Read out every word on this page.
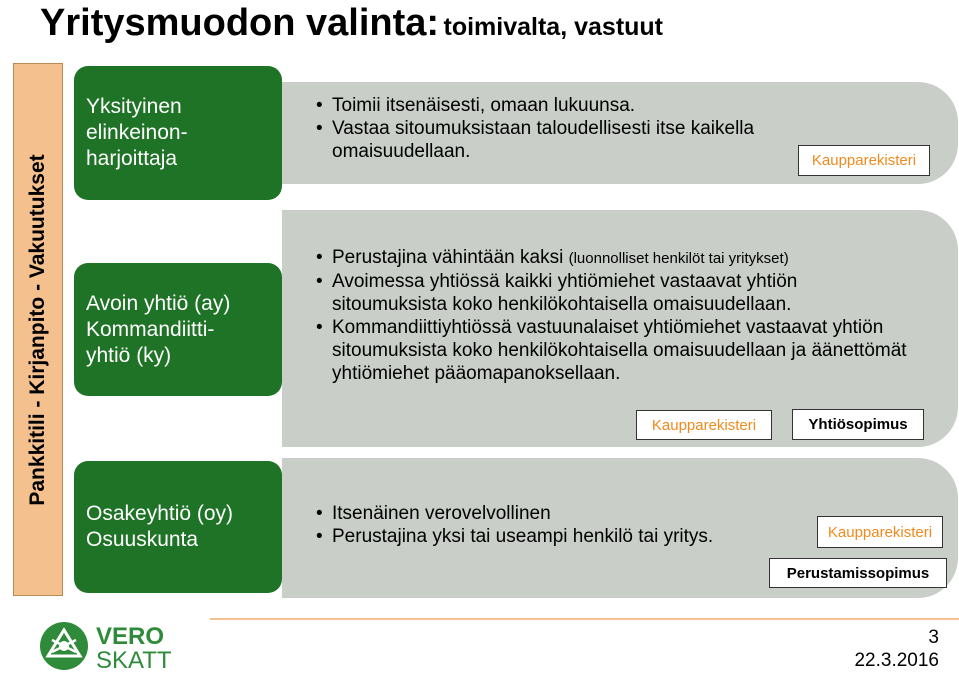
Yritysmuodon valinta: toimivalta, vastuut
Pankkitili - Kirjanpito - Vakuutukset
Yksityinen
elinkeinon-
harjoittaja
• Toimii itsenäisesti, omaan lukuunsa.
• Vastaa sitoumuksistaan taloudellisesti itse kaikella omaisuudellaan.	Kaupparekisteri
Avoin yhtiö (ay)
Kommandiitti-
yhtiö (ky)
• Perustajina vähintään kaksi (luonnolliset henkilöt tai yritykset)
• Avoimessa yhtiössä kaikki yhtiömiehet vastaavat yhtiön sitoumuksista koko henkilökohtaisella omaisuudellaan.
• Kommandiittiyhtiössä vastuunalaiset yhtiömiehet vastaavat yhtiön sitoumuksista koko henkilökohtaisella omaisuudellaan ja äänettömät yhtiömiehet pääomapanoksellaan.
Kaupparekisteri	Yhtiösopimus
Osakeyhtiö (oy)
Osuuskunta
• Itsenäinen verovelvollinen
• Perustajina yksi tai useampi henkilö tai yritys.	Kaupparekisteri
Perustamissopimus
VERO
SKATT
3
22.3.2016
